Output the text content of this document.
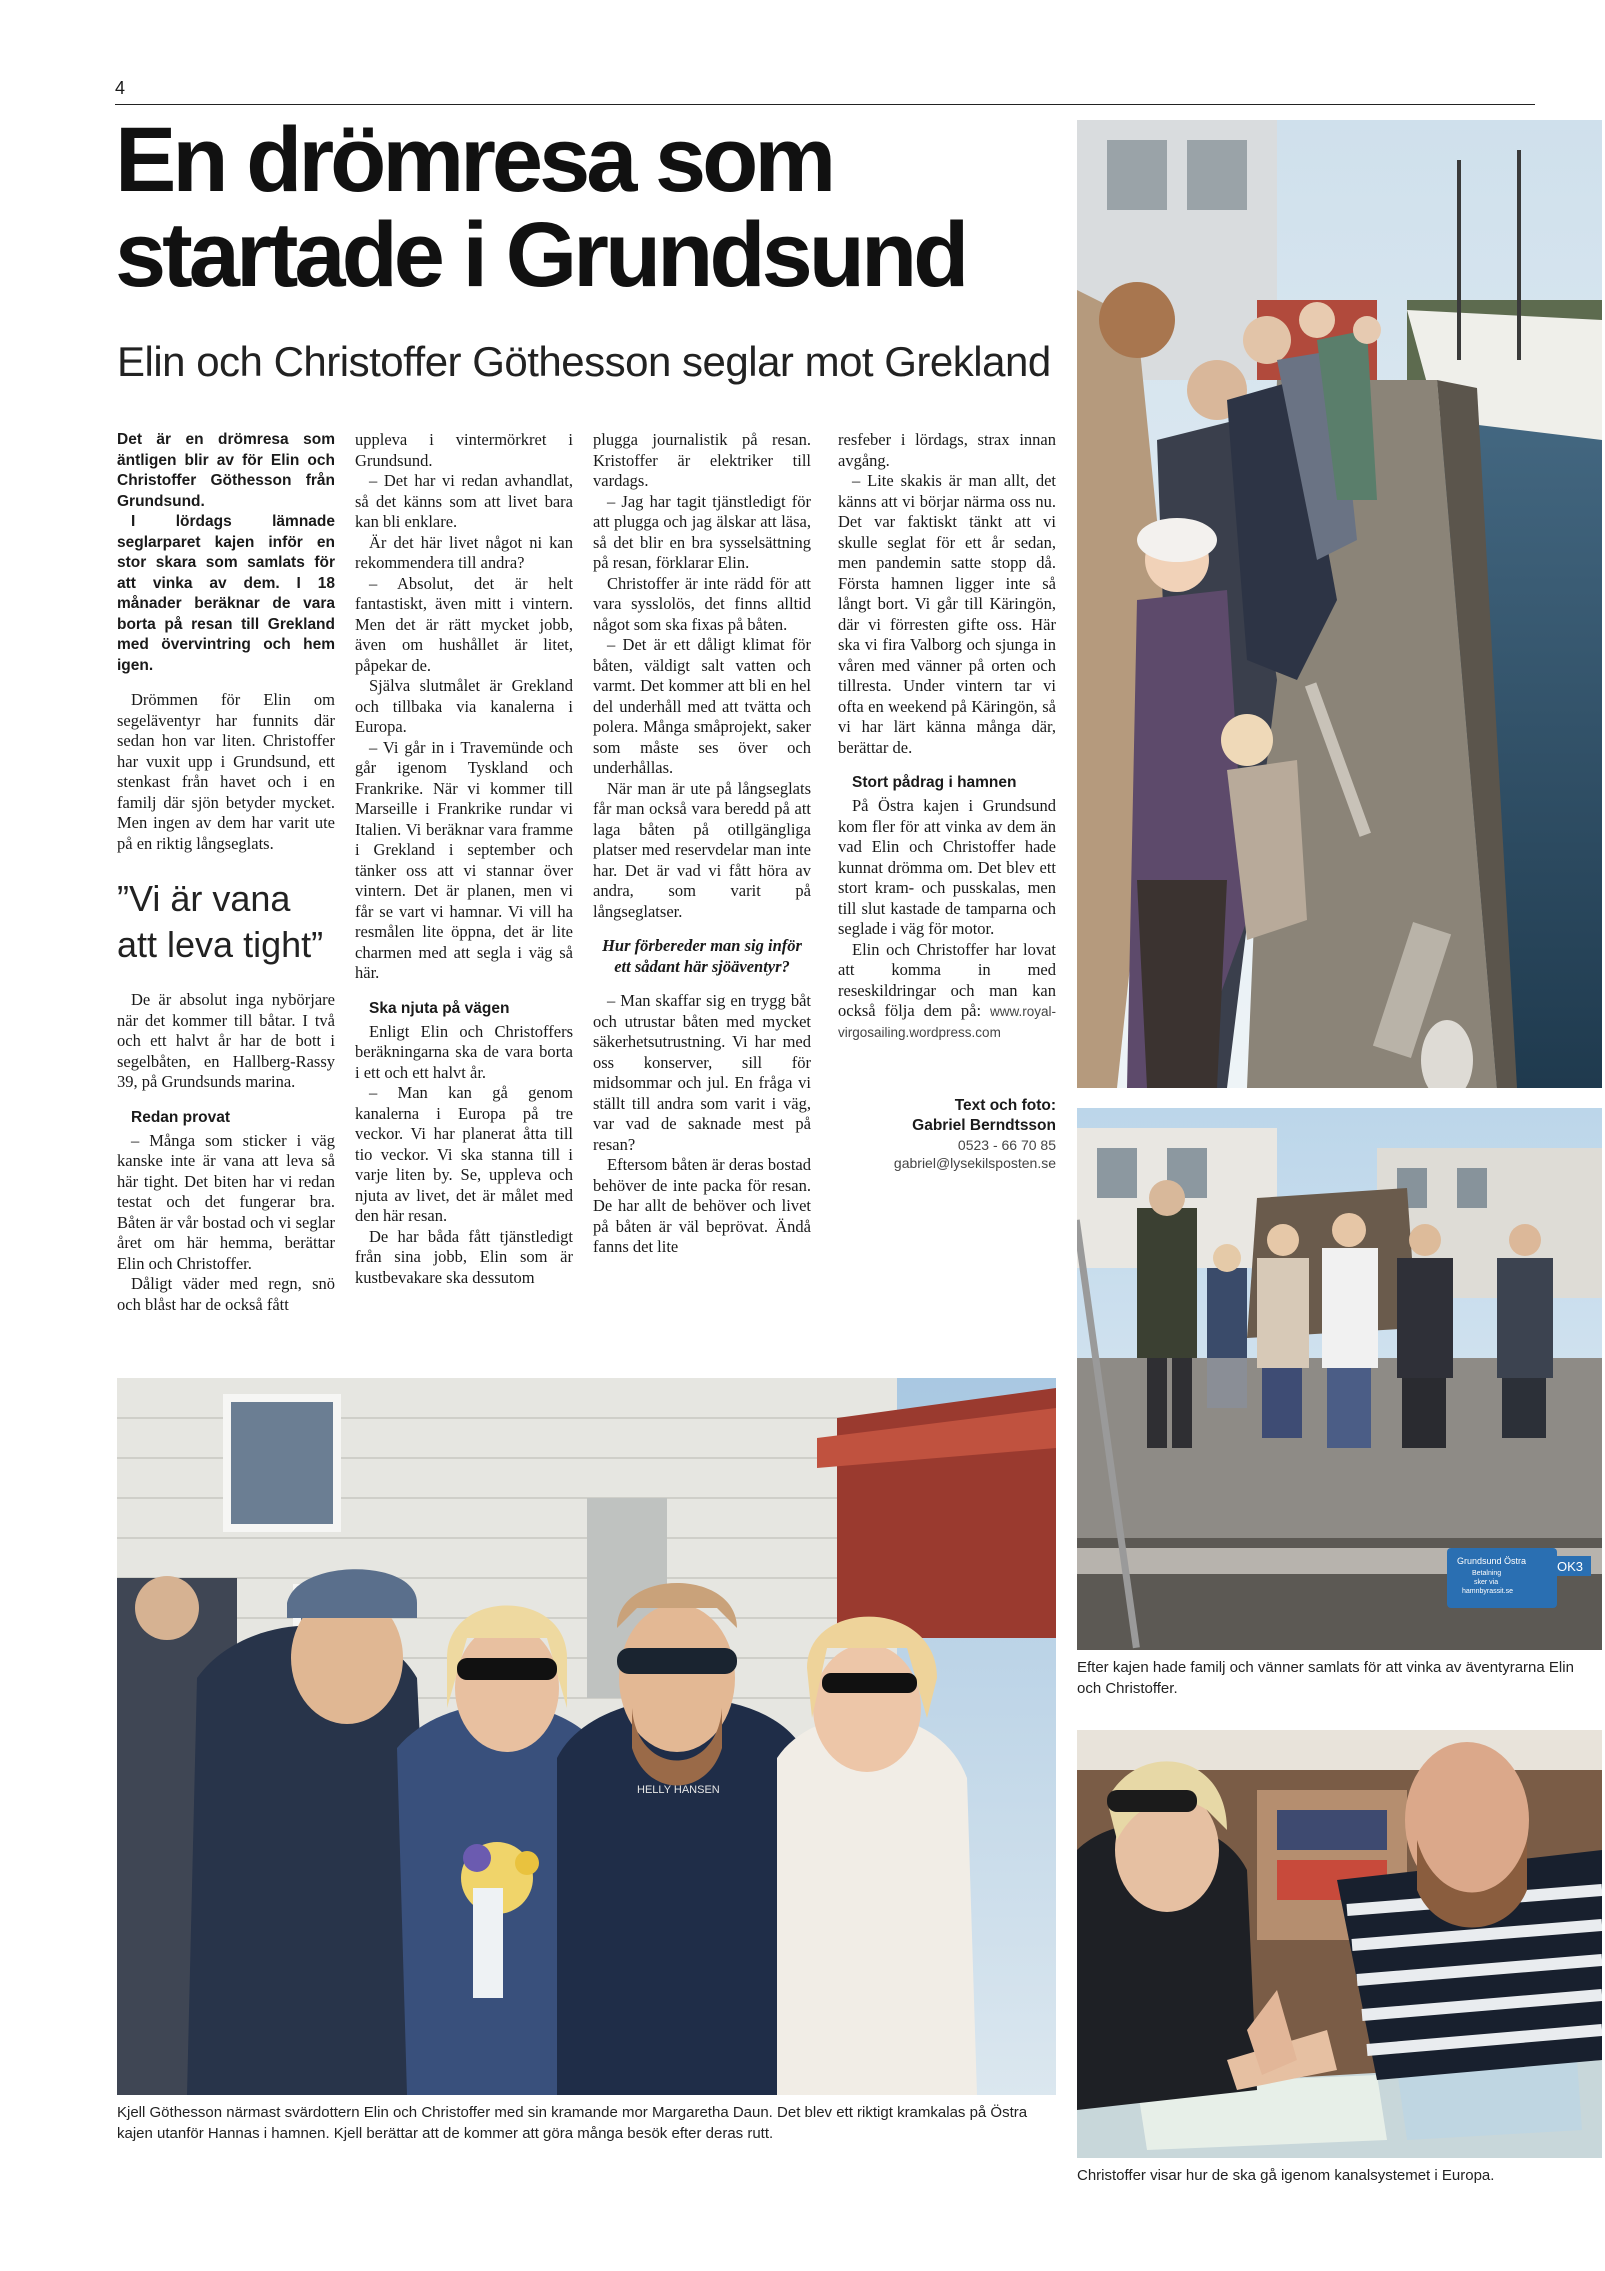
4
En drömresa som startade i Grundsund
Elin och Christoffer Göthesson seglar mot Grekland

Det är en drömresa som äntligen blir av för Elin och Christoffer Göthesson från Grundsund.

I lördags lämnade seglarparet kajen inför en stor skara som samlats för att vinka av dem. I 18 månader beräknar de vara borta på resan till Grekland med övervintring och hem igen.

Drömmen för Elin om segeläventyr har funnits där sedan hon var liten. Christoffer har vuxit upp i Grundsund, ett stenkast från havet och i en familj där sjön betyder mycket. Men ingen av dem har varit ute på en riktig långseglats.

”Vi är vana att leva tight”

De är absolut inga nybörjare när det kommer till båtar. I två och ett halvt år har de bott i segelbåten, en Hallberg-Rassy 39, på Grundsunds marina.

Redan provat

– Många som sticker i väg kanske inte är vana att leva så här tight. Det biten har vi redan testat och det fungerar bra. Båten är vår bostad och vi seglar året om här hemma, berättar Elin och Christoffer.

Dåligt väder med regn, snö och blåst har de också fått

uppleva i vintermörkret i Grundsund.

– Det har vi redan avhandlat, så det känns som att livet bara kan bli enklare.

Är det här livet något ni kan rekommendera till andra?

– Absolut, det är helt fantastiskt, även mitt i vintern. Men det är rätt mycket jobb, även om hushållet är litet, påpekar de.

Själva slutmålet är Grekland och tillbaka via kanalerna i Europa.

– Vi går in i Travemünde och går igenom Tyskland och Frankrike. När vi kommer till Marseille i Frankrike rundar vi Italien. Vi beräknar vara framme i Grekland i september och tänker oss att vi stannar över vintern. Det är planen, men vi får se vart vi hamnar. Vi vill ha resmålen lite öppna, det är lite charmen med att segla i väg så här.

Ska njuta på vägen

Enligt Elin och Christoffers beräkningarna ska de vara borta i ett och ett halvt år.

– Man kan gå genom kanalerna i Europa på tre veckor. Vi har planerat åtta till tio veckor. Vi ska stanna till i varje liten by. Se, uppleva och njuta av livet, det är målet med den här resan.

De har båda fått tjänstledigt från sina jobb, Elin som är kustbevakare ska dessutom

plugga journalistik på resan. Kristoffer är elektriker till vardags.

– Jag har tagit tjänstledigt för att plugga och jag älskar att läsa, så det blir en bra sysselsättning på resan, förklarar Elin.

Christoffer är inte rädd för att vara sysslolös, det finns alltid något som ska fixas på båten.

– Det är ett dåligt klimat för båten, väldigt salt vatten och varmt. Det kommer att bli en hel del underhåll med att tvätta och polera. Många småprojekt, saker som måste ses över och underhållas.

När man är ute på långseglats får man också vara beredd på att laga båten på otillgängliga platser med reservdelar man inte har. Det är vad vi fått höra av andra, som varit på långseglatser.

Hur förbereder man sig inför ett sådant här sjöäventyr?

– Man skaffar sig en trygg båt och utrustar båten med mycket säkerhetsutrustning. Vi har med oss konserver, sill för midsommar och jul. En fråga vi ställt till andra som varit i väg, var vad de saknade mest på resan?

Eftersom båten är deras bostad behöver de inte packa för resan. De har allt de behöver och livet på båten är väl beprövat. Ändå fanns det lite

resfeber i lördags, strax innan avgång.

– Lite skakis är man allt, det känns att vi börjar närma oss nu. Det var faktiskt tänkt att vi skulle seglat för ett år sedan, men pandemin satte stopp då. Första hamnen ligger inte så långt bort. Vi går till Käringön, där vi förresten gifte oss. Här ska vi fira Valborg och sjunga in våren med vänner på orten och tillresta. Under vintern tar vi ofta en weekend på Käringön, så vi har lärt känna många där, berättar de.

Stort pådrag i hamnen

På Östra kajen i Grundsund kom fler för att vinka av dem än vad Elin och Christoffer hade kunnat drömma om. Det blev ett stort kram- och pusskalas, men till slut kastade de tamparna och seglade i väg för motor.

Elin och Christoffer har lovat att komma in med reseskildringar och man kan också följa dem på: www.royal-virgosailing.wordpress.com

Text och foto:
Gabriel Berndtsson
0523 - 66 70 85
gabriel@lysekilsposten.se
OK3
Grundsund Östra
Betalning
sker via
hamnbyrassit.se
Efter kajen hade familj och vänner samlats för att vinka av äventyrarna Elin och Christoffer.
Christoffer visar hur de ska gå igenom kanalsystemet i Europa.
HELLY HANSEN
Kjell Göthesson närmast svärdottern Elin och Christoffer med sin kramande mor Margaretha Daun. Det blev ett riktigt kramkalas på Östra kajen utanför Hannas i hamnen. Kjell berättar att de kommer att göra många besök efter deras rutt.
